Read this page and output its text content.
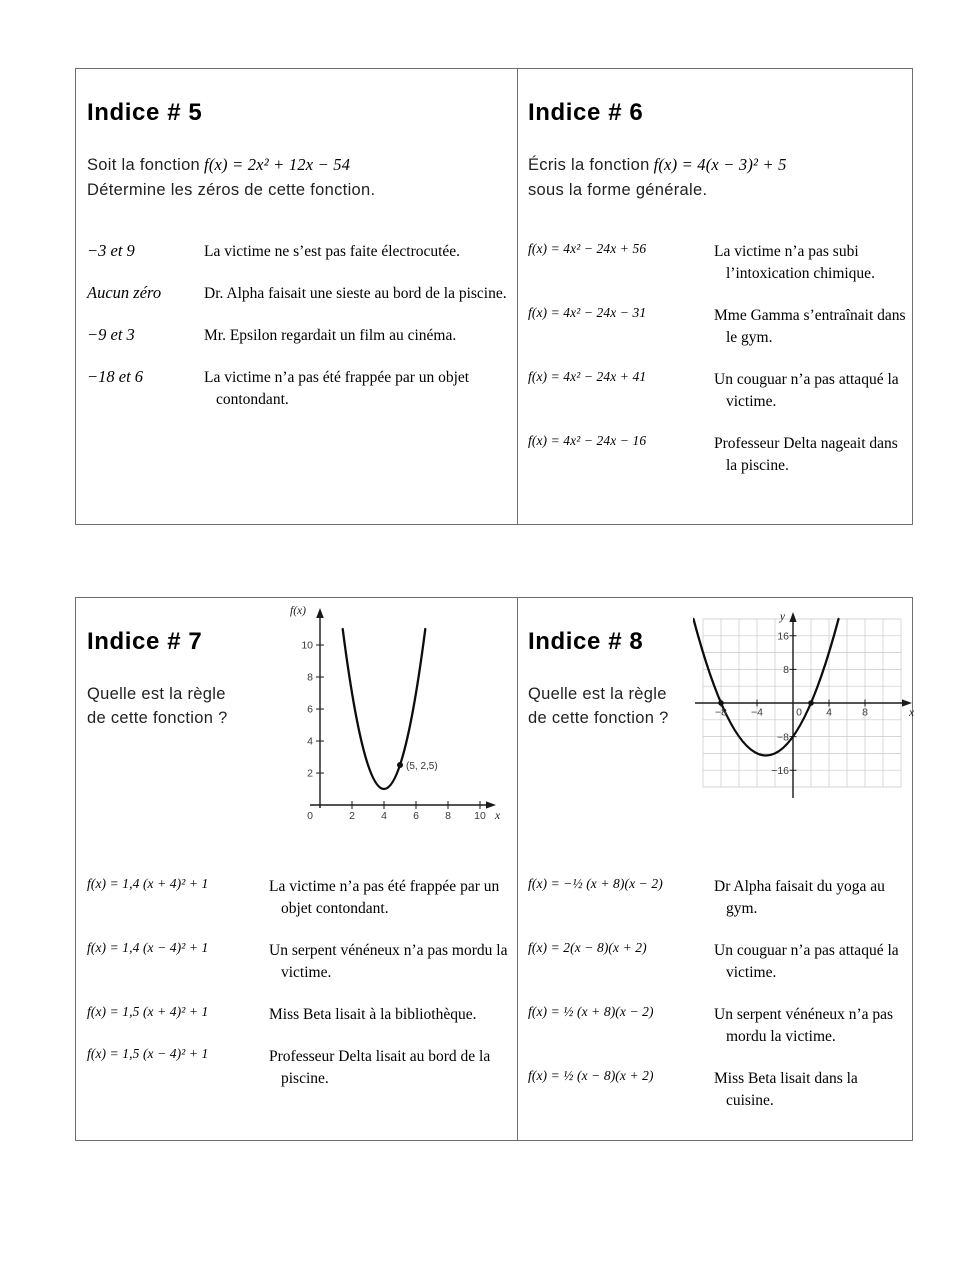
Indice # 5
Soit la fonction f(x) = 2x² + 12x − 54
Détermine les zéros de cette fonction.
−3 et 9	La victime ne s’est pas faite électrocutée.
Aucun zéro	Dr. Alpha faisait une sieste au bord de la piscine.
−9 et 3	Mr. Epsilon regardait un film au cinéma.
−18 et 6	La victime n’a pas été frappée par un objet contondant.
Indice # 6
Écris la fonction f(x) = 4(x − 3)² + 5
sous la forme générale.
f(x) = 4x² − 24x + 56	La victime n’a pas subi l’intoxication chimique.
f(x) = 4x² − 24x − 31	Mme Gamma s’entraînait dans le gym.
f(x) = 4x² − 24x + 41	Un couguar n’a pas attaqué la victime.
f(x) = 4x² − 24x − 16	Professeur Delta nageait dans la piscine.
Indice # 7
Quelle est la règle
de cette fonction ?
(5, 2,5)
f(x)
x
10
8
6
4
2
0	2 4 6 8 10
f(x) = 1,4 (x + 4)² + 1	La victime n’a pas été frappée par un objet contondant.
f(x) = 1,4 (x − 4)² + 1	Un serpent vénéneux n’a pas mordu la victime.
f(x) = 1,5 (x + 4)² + 1	Miss Beta lisait à la bibliothèque.
f(x) = 1,5 (x − 4)² + 1	Professeur Delta lisait au bord de la piscine.
Indice # 8
Quelle est la règle
de cette fonction ?
y
x
16
8
−8
−16
−8 −4	0 4	8
f(x) = −½ (x + 8)(x − 2)	Dr Alpha faisait du yoga au gym.
f(x) = 2(x − 8)(x + 2)	Un couguar n’a pas attaqué la victime.
f(x) = ½ (x + 8)(x − 2)	Un serpent vénéneux n’a pas mordu la victime.
f(x) = ½ (x − 8)(x + 2)	Miss Beta lisait dans la cuisine.
